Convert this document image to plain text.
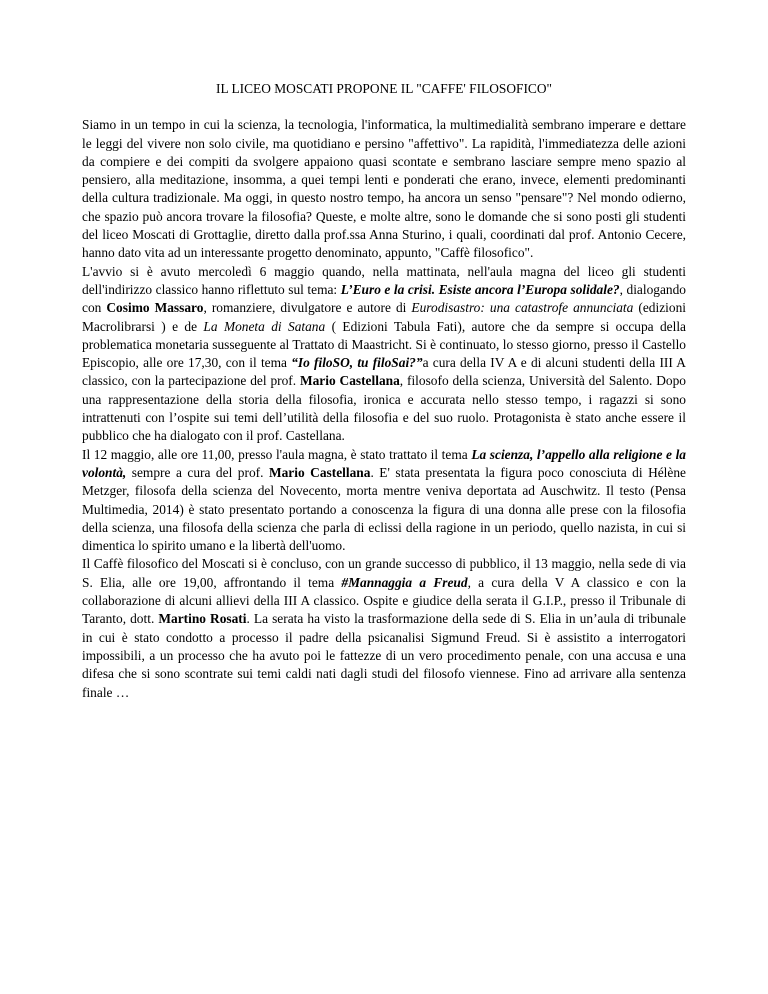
IL LICEO MOSCATI PROPONE IL "CAFFE' FILOSOFICO"

Siamo in un tempo in cui la scienza, la tecnologia, l'informatica, la multimedialità sembrano imperare e dettare le leggi del vivere non solo civile, ma quotidiano e persino "affettivo". La rapidità, l'immediatezza delle azioni da compiere e dei compiti da svolgere appaiono quasi scontate e sembrano lasciare sempre meno spazio al pensiero, alla meditazione, insomma, a quei tempi lenti e ponderati che erano, invece, elementi predominanti della cultura tradizionale. Ma oggi, in questo nostro tempo, ha ancora un senso "pensare"? Nel mondo odierno, che spazio può ancora trovare la filosofia? Queste, e molte altre, sono le domande che si sono posti gli studenti del liceo Moscati di Grottaglie, diretto dalla prof.ssa Anna Sturino, i quali, coordinati dal prof. Antonio Cecere, hanno dato vita ad un interessante progetto denominato, appunto, "Caffè filosofico".

L'avvio si è avuto mercoledì 6 maggio quando, nella mattinata, nell'aula magna del liceo gli studenti dell'indirizzo classico hanno riflettuto sul tema: L’Euro e la crisi. Esiste ancora l’Europa solidale?, dialogando con Cosimo Massaro, romanziere, divulgatore e autore di Eurodisastro: una catastrofe annunciata (edizioni Macrolibrarsi ) e de La Moneta di Satana ( Edizioni Tabula Fati), autore che da sempre si occupa della problematica monetaria susseguente al Trattato di Maastricht. Si è continuato, lo stesso giorno, presso il Castello Episcopio, alle ore 17,30, con il tema “Io filoSO, tu filoSai?”a cura della IV A e di alcuni studenti della III A classico, con la partecipazione del prof. Mario Castellana, filosofo della scienza, Università del Salento. Dopo una rappresentazione della storia della filosofia, ironica e accurata nello stesso tempo, i ragazzi si sono intrattenuti con l’ospite sui temi dell’utilità della filosofia e del suo ruolo. Protagonista è stato anche essere il pubblico che ha dialogato con il prof. Castellana.

Il 12 maggio, alle ore 11,00, presso l'aula magna, è stato trattato il tema La scienza, l’appello alla religione e la volontà, sempre a cura del prof. Mario Castellana. E' stata presentata la figura poco conosciuta di Hélène Metzger, filosofa della scienza del Novecento, morta mentre veniva deportata ad Auschwitz. Il testo (Pensa Multimedia, 2014) è stato presentato portando a conoscenza la figura di una donna alle prese con la filosofia della scienza, una filosofa della scienza che parla di eclissi della ragione in un periodo, quello nazista, in cui si dimentica lo spirito umano e la libertà dell'uomo.

Il Caffè filosofico del Moscati si è concluso, con un grande successo di pubblico, il 13 maggio, nella sede di via S. Elia, alle ore 19,00, affrontando il tema #Mannaggia a Freud, a cura della V A classico e con la collaborazione di alcuni allievi della III A classico. Ospite e giudice della serata il G.I.P., presso il Tribunale di Taranto, dott. Martino Rosati. La serata ha visto la trasformazione della sede di S. Elia in un’aula di tribunale in cui è stato condotto a processo il padre della psicanalisi Sigmund Freud. Si è assistito a interrogatori impossibili, a un processo che ha avuto poi le fattezze di un vero procedimento penale, con una accusa e una difesa che si sono scontrate sui temi caldi nati dagli studi del filosofo viennese. Fino ad arrivare alla sentenza finale …
